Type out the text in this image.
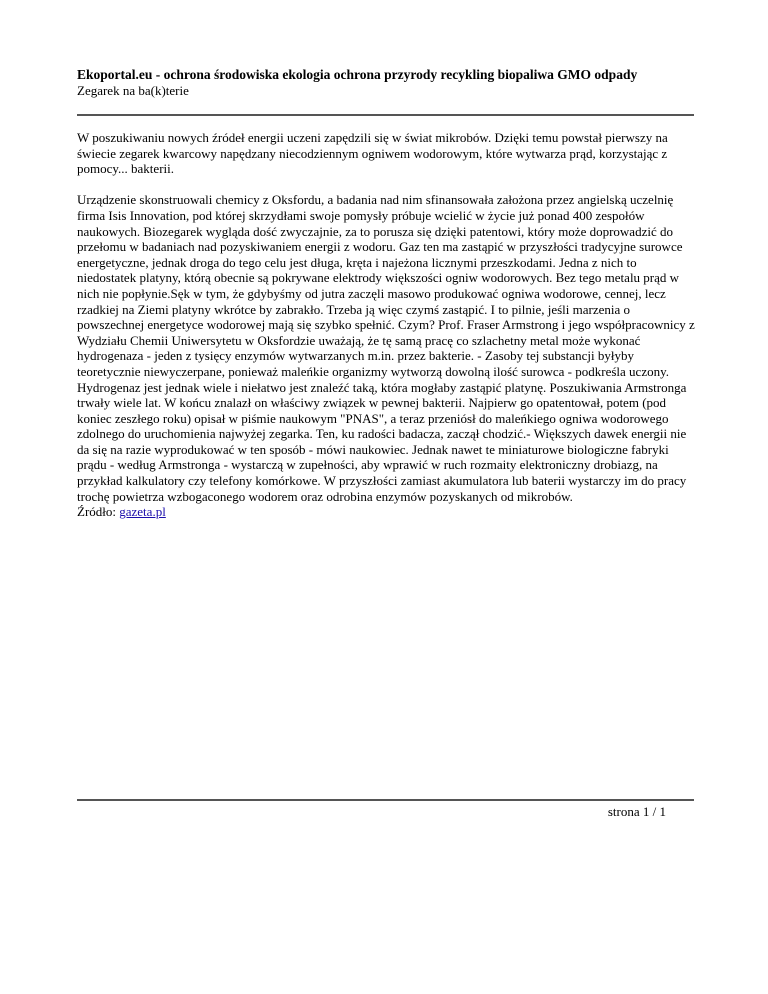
Ekoportal.eu - ochrona środowiska ekologia ochrona przyrody recykling biopaliwa GMO odpady

Zegarek na ba(k)terie

W poszukiwaniu nowych źródeł energii uczeni zapędzili się w świat mikrobów. Dzięki temu powstał pierwszy na świecie zegarek kwarcowy napędzany niecodziennym ogniwem wodorowym, które wytwarza prąd, korzystając z pomocy... bakterii.

Urządzenie skonstruowali chemicy z Oksfordu, a badania nad nim sfinansowała założona przez angielską uczelnię firma Isis Innovation, pod której skrzydłami swoje pomysły próbuje wcielić w życie już ponad 400 zespołów naukowych. Biozegarek wygląda dość zwyczajnie, za to porusza się dzięki patentowi, który może doprowadzić do przełomu w badaniach nad pozyskiwaniem energii z wodoru. Gaz ten ma zastąpić w przyszłości tradycyjne surowce energetyczne, jednak droga do tego celu jest długa, kręta i najeżona licznymi przeszkodami. Jedna z nich to niedostatek platyny, którą obecnie są pokrywane elektrody większości ogniw wodorowych. Bez tego metalu prąd w nich nie popłynie.Sęk w tym, że gdybyśmy od jutra zaczęli masowo produkować ogniwa wodorowe, cennej, lecz rzadkiej na Ziemi platyny wkrótce by zabrakło. Trzeba ją więc czymś zastąpić. I to pilnie, jeśli marzenia o powszechnej energetyce wodorowej mają się szybko spełnić. Czym? Prof. Fraser Armstrong i jego współpracownicy z Wydziału Chemii Uniwersytetu w Oksfordzie uważają, że tę samą pracę co szlachetny metal może wykonać hydrogenaza - jeden z tysięcy enzymów wytwarzanych m.in. przez bakterie. - Zasoby tej substancji byłyby teoretycznie niewyczerpane, ponieważ maleńkie organizmy wytworzą dowolną ilość surowca - podkreśla uczony. Hydrogenaz jest jednak wiele i niełatwo jest znaleźć taką, która mogłaby zastąpić platynę. Poszukiwania Armstronga trwały wiele lat. W końcu znalazł on właściwy związek w pewnej bakterii. Najpierw go opatentował, potem (pod koniec zeszłego roku) opisał w piśmie naukowym "PNAS", a teraz przeniósł do maleńkiego ogniwa wodorowego zdolnego do uruchomienia najwyżej zegarka. Ten, ku radości badacza, zaczął chodzić.- Większych dawek energii nie da się na razie wyprodukować w ten sposób - mówi naukowiec. Jednak nawet te miniaturowe biologiczne fabryki prądu - według Armstronga - wystarczą w zupełności, aby wprawić w ruch rozmaity elektroniczny drobiazg, na przykład kalkulatory czy telefony komórkowe. W przyszłości zamiast akumulatora lub baterii wystarczy im do pracy trochę powietrza wzbogaconego wodorem oraz odrobina enzymów pozyskanych od mikrobów.

Źródło: gazeta.pl

strona 1 / 1
